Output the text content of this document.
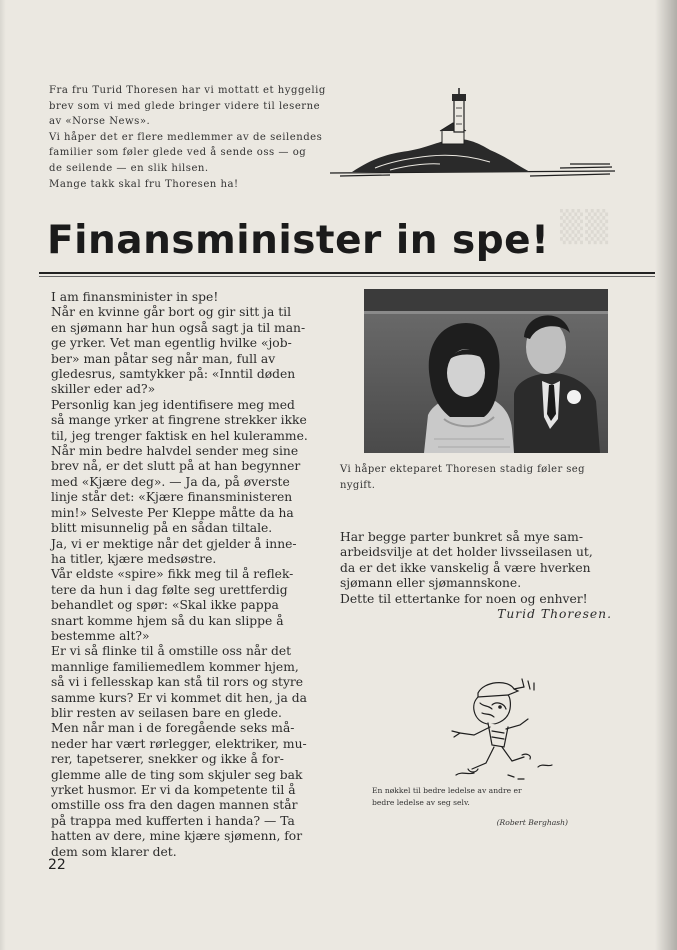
Fra fru Turid Thoresen har vi mottatt et hyggelig

brev som vi med glede bringer videre til leserne

av «Norse News».

Vi håper det er flere medlemmer av de seilendes

familier som føler glede ved å sende oss — og

de seilende — en slik hilsen.

Mange takk skal fru Thoresen ha!

▒▒
Finansminister in spe!

I am finansminister in spe!

Når en kvinne går bort og gir sitt ja til

en sjømann har hun også sagt ja til man-

ge yrker. Vet man egentlig hvilke «job-

ber» man påtar seg når man, full av

gledesrus, samtykker på: «Inntil døden

skiller eder ad?»

Personlig kan jeg identifisere meg med

så mange yrker at fingrene strekker ikke

til, jeg trenger faktisk en hel kuleramme.

Når min bedre halvdel sender meg sine

brev nå, er det slutt på at han begynner

med «Kjære deg». — Ja da, på øverste

linje står det: «Kjære finansministeren

min!» Selveste Per Kleppe måtte da ha

blitt misunnelig på en sådan tiltale.

Ja, vi er mektige når det gjelder å inne-

ha titler, kjære medsøstre.

Vår eldste «spire» fikk meg til å reflek-

tere da hun i dag følte seg urettferdig

behandlet og spør: «Skal ikke pappa

snart komme hjem så du kan slippe å

bestemme alt?»

Er vi så flinke til å omstille oss når det

mannlige familiemedlem kommer hjem,

så vi i fellesskap kan stå til rors og styre

samme kurs? Er vi kommet dit hen, ja da

blir resten av seilasen bare en glede.

Men når man i de foregående seks må-

neder har vært rørlegger, elektriker, mu-

rer, tapetserer, snekker og ikke å for-

glemme alle de ting som skjuler seg bak

yrket husmor. Er vi da kompetente til å

omstille oss fra den dagen mannen står

på trappa med kufferten i handa? — Ta

hatten av dere, mine kjære sjømenn, for

dem som klarer det.

Vi håper ekteparet Thoresen stadig føler seg
nygift.

Har begge parter bunkret så mye sam-

arbeidsvilje at det holder livsseilasen ut,

da er det ikke vanskelig å være hverken

sjømann eller sjømannskone.

Dette til ettertanke for noen og enhver!

Turid Thoresen.

En nøkkel til bedre ledelse av andre er

bedre ledelse av seg selv.

(Robert Berghash)
22
